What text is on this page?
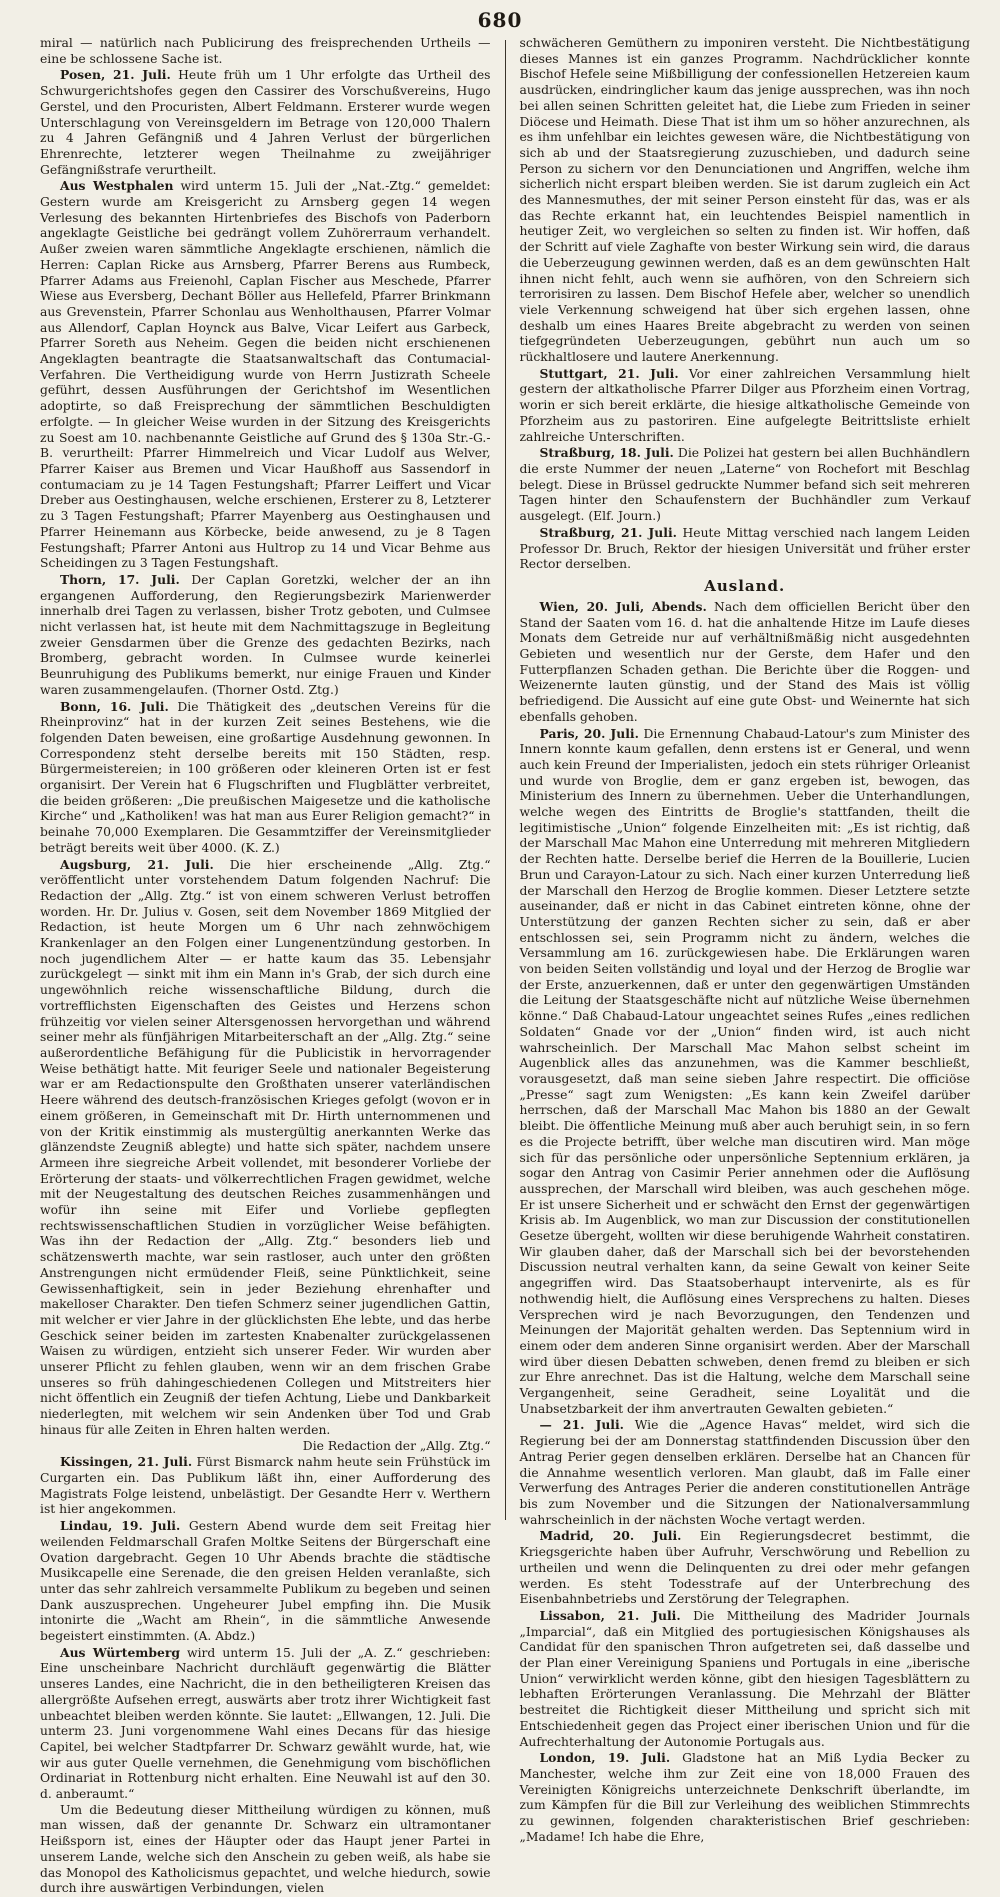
680

miral — natürlich nach Publicirung des freisprechenden Urtheils — eine be schlossene Sache ist.

Posen, 21. Juli. Heute früh um 1 Uhr erfolgte das Urtheil des Schwurgerichtshofes gegen den Cassirer des Vorschußvereins, Hugo Gerstel, und den Procuristen, Albert Feldmann. Ersterer wurde wegen Unterschlagung von Vereinsgeldern im Betrage von 120,000 Thalern zu 4 Jahren Gefängniß und 4 Jahren Verlust der bürgerlichen Ehrenrechte, letzterer wegen Theilnahme zu zweijähriger Gefängnißstrafe verurtheilt.

Aus Westphalen wird unterm 15. Juli der „Nat.-Ztg.“ gemeldet: Gestern wurde am Kreisgericht zu Arnsberg gegen 14 wegen Verlesung des bekannten Hirtenbriefes des Bischofs von Paderborn angeklagte Geistliche bei gedrängt vollem Zuhörerraum verhandelt. Außer zweien waren sämmtliche Angeklagte erschienen, nämlich die Herren: Caplan Ricke aus Arnsberg, Pfarrer Berens aus Rumbeck, Pfarrer Adams aus Freienohl, Caplan Fischer aus Meschede, Pfarrer Wiese aus Eversberg, Dechant Böller aus Hellefeld, Pfarrer Brinkmann aus Grevenstein, Pfarrer Schonlau aus Wenholthausen, Pfarrer Volmar aus Allendorf, Caplan Hoynck aus Balve, Vicar Leifert aus Garbeck, Pfarrer Soreth aus Neheim. Gegen die beiden nicht erschienenen Angeklagten beantragte die Staatsanwaltschaft das Contumacial-Verfahren. Die Vertheidigung wurde von Herrn Justizrath Scheele geführt, dessen Ausführungen der Gerichtshof im Wesentlichen adoptirte, so daß Freisprechung der sämmtlichen Beschuldigten erfolgte. — In gleicher Weise wurden in der Sitzung des Kreisgerichts zu Soest am 10. nachbenannte Geistliche auf Grund des § 130a Str.-G.-B. verurtheilt: Pfarrer Himmelreich und Vicar Ludolf aus Welver, Pfarrer Kaiser aus Bremen und Vicar Haußhoff aus Sassendorf in contumaciam zu je 14 Tagen Festungshaft; Pfarrer Leiffert und Vicar Dreber aus Oestinghausen, welche erschienen, Ersterer zu 8, Letzterer zu 3 Tagen Festungshaft; Pfarrer Mayenberg aus Oestinghausen und Pfarrer Heinemann aus Körbecke, beide anwesend, zu je 8 Tagen Festungshaft; Pfarrer Antoni aus Hultrop zu 14 und Vicar Behme aus Scheidingen zu 3 Tagen Festungshaft.

Thorn, 17. Juli. Der Caplan Goretzki, welcher der an ihn ergangenen Aufforderung, den Regierungsbezirk Marienwerder innerhalb drei Tagen zu verlassen, bisher Trotz geboten, und Culmsee nicht verlassen hat, ist heute mit dem Nachmittagszuge in Begleitung zweier Gensdarmen über die Grenze des gedachten Bezirks, nach Bromberg, gebracht worden. In Culmsee wurde keinerlei Beunruhigung des Publikums bemerkt, nur einige Frauen und Kinder waren zusammengelaufen. (Thorner Ostd. Ztg.)

Bonn, 16. Juli. Die Thätigkeit des „deutschen Vereins für die Rheinprovinz“ hat in der kurzen Zeit seines Bestehens, wie die folgenden Daten beweisen, eine großartige Ausdehnung gewonnen. In Correspondenz steht derselbe bereits mit 150 Städten, resp. Bürgermeistereien; in 100 größeren oder kleineren Orten ist er fest organisirt. Der Verein hat 6 Flugschriften und Flugblätter verbreitet, die beiden größeren: „Die preußischen Maigesetze und die katholische Kirche“ und „Katholiken! was hat man aus Eurer Religion gemacht?“ in beinahe 70,000 Exemplaren. Die Gesammtziffer der Vereinsmitglieder beträgt bereits weit über 4000. (K. Z.)

Augsburg, 21. Juli. Die hier erscheinende „Allg. Ztg.“ veröffentlicht unter vorstehendem Datum folgenden Nachruf: Die Redaction der „Allg. Ztg.“ ist von einem schweren Verlust betroffen worden. Hr. Dr. Julius v. Gosen, seit dem November 1869 Mitglied der Redaction, ist heute Morgen um 6 Uhr nach zehnwöchigem Krankenlager an den Folgen einer Lungenentzündung gestorben. In noch jugendlichem Alter — er hatte kaum das 35. Lebensjahr zurückgelegt — sinkt mit ihm ein Mann in's Grab, der sich durch eine ungewöhnlich reiche wissenschaftliche Bildung, durch die vortrefflichsten Eigenschaften des Geistes und Herzens schon frühzeitig vor vielen seiner Altersgenossen hervorgethan und während seiner mehr als fünfjährigen Mitarbeiterschaft an der „Allg. Ztg.“ seine außerordentliche Befähigung für die Publicistik in hervorragender Weise bethätigt hatte. Mit feuriger Seele und nationaler Begeisterung war er am Redactionspulte den Großthaten unserer vaterländischen Heere während des deutsch-französischen Krieges gefolgt (wovon er in einem größeren, in Gemeinschaft mit Dr. Hirth unternommenen und von der Kritik einstimmig als mustergültig anerkannten Werke das glänzendste Zeugniß ablegte) und hatte sich später, nachdem unsere Armeen ihre siegreiche Arbeit vollendet, mit besonderer Vorliebe der Erörterung der staats- und völkerrechtlichen Fragen gewidmet, welche mit der Neugestaltung des deutschen Reiches zusammenhängen und wofür ihn seine mit Eifer und Vorliebe gepflegten rechtswissenschaftlichen Studien in vorzüglicher Weise befähigten. Was ihn der Redaction der „Allg. Ztg.“ besonders lieb und schätzenswerth machte, war sein rastloser, auch unter den größten Anstrengungen nicht ermüdender Fleiß, seine Pünktlichkeit, seine Gewissenhaftigkeit, sein in jeder Beziehung ehrenhafter und makelloser Charakter. Den tiefen Schmerz seiner jugendlichen Gattin, mit welcher er vier Jahre in der glücklichsten Ehe lebte, und das herbe Geschick seiner beiden im zartesten Knabenalter zurückgelassenen Waisen zu würdigen, entzieht sich unserer Feder. Wir wurden aber unserer Pflicht zu fehlen glauben, wenn wir an dem frischen Grabe unseres so früh dahingeschiedenen Collegen und Mitstreiters hier nicht öffentlich ein Zeugniß der tiefen Achtung, Liebe und Dankbarkeit niederlegten, mit welchem wir sein Andenken über Tod und Grab hinaus für alle Zeiten in Ehren halten werden.

Die Redaction der „Allg. Ztg.“

Kissingen, 21. Juli. Fürst Bismarck nahm heute sein Frühstück im Curgarten ein. Das Publikum läßt ihn, einer Aufforderung des Magistrats Folge leistend, unbelästigt. Der Gesandte Herr v. Werthern ist hier angekommen.

Lindau, 19. Juli. Gestern Abend wurde dem seit Freitag hier weilenden Feldmarschall Grafen Moltke Seitens der Bürgerschaft eine Ovation dargebracht. Gegen 10 Uhr Abends brachte die städtische Musikcapelle eine Serenade, die den greisen Helden veranlaßte, sich unter das sehr zahlreich versammelte Publikum zu begeben und seinen Dank auszusprechen. Ungeheurer Jubel empfing ihn. Die Musik intonirte die „Wacht am Rhein“, in die sämmtliche Anwesende begeistert einstimmten. (A. Abdz.)

Aus Würtemberg wird unterm 15. Juli der „A. Z.“ geschrieben: Eine unscheinbare Nachricht durchläuft gegenwärtig die Blätter unseres Landes, eine Nachricht, die in den betheiligteren Kreisen das allergrößte Aufsehen erregt, auswärts aber trotz ihrer Wichtigkeit fast unbeachtet bleiben werden könnte. Sie lautet: „Ellwangen, 12. Juli. Die unterm 23. Juni vorgenommene Wahl eines Decans für das hiesige Capitel, bei welcher Stadtpfarrer Dr. Schwarz gewählt wurde, hat, wie wir aus guter Quelle vernehmen, die Genehmigung vom bischöflichen Ordinariat in Rottenburg nicht erhalten. Eine Neuwahl ist auf den 30. d. anberaumt.“

Um die Bedeutung dieser Mittheilung würdigen zu können, muß man wissen, daß der genannte Dr. Schwarz ein ultramontaner Heißsporn ist, eines der Häupter oder das Haupt jener Partei in unserem Lande, welche sich den Anschein zu geben weiß, als habe sie das Monopol des Katholicismus gepachtet, und welche hiedurch, sowie durch ihre auswärtigen Verbindungen, vielen

schwächeren Gemüthern zu imponiren versteht. Die Nichtbestätigung dieses Mannes ist ein ganzes Programm. Nachdrücklicher konnte Bischof Hefele seine Mißbilligung der confessionellen Hetzereien kaum ausdrücken, eindringlicher kaum das jenige aussprechen, was ihn noch bei allen seinen Schritten geleitet hat, die Liebe zum Frieden in seiner Diöcese und Heimath. Diese That ist ihm um so höher anzurechnen, als es ihm unfehlbar ein leichtes gewesen wäre, die Nichtbestätigung von sich ab und der Staatsregierung zuzuschieben, und dadurch seine Person zu sichern vor den Denunciationen und Angriffen, welche ihm sicherlich nicht erspart bleiben werden. Sie ist darum zugleich ein Act des Mannesmuthes, der mit seiner Person einsteht für das, was er als das Rechte erkannt hat, ein leuchtendes Beispiel namentlich in heutiger Zeit, wo vergleichen so selten zu finden ist. Wir hoffen, daß der Schritt auf viele Zaghafte von bester Wirkung sein wird, die daraus die Ueberzeugung gewinnen werden, daß es an dem gewünschten Halt ihnen nicht fehlt, auch wenn sie aufhören, von den Schreiern sich terrorisiren zu lassen. Dem Bischof Hefele aber, welcher so unendlich viele Verkennung schweigend hat über sich ergehen lassen, ohne deshalb um eines Haares Breite abgebracht zu werden von seinen tiefgegründeten Ueberzeugungen, gebührt nun auch um so rückhaltlosere und lautere Anerkennung.

Stuttgart, 21. Juli. Vor einer zahlreichen Versammlung hielt gestern der altkatholische Pfarrer Dilger aus Pforzheim einen Vortrag, worin er sich bereit erklärte, die hiesige altkatholische Gemeinde von Pforzheim aus zu pastoriren. Eine aufgelegte Beitrittsliste erhielt zahlreiche Unterschriften.

Straßburg, 18. Juli. Die Polizei hat gestern bei allen Buchhändlern die erste Nummer der neuen „Laterne“ von Rochefort mit Beschlag belegt. Diese in Brüssel gedruckte Nummer befand sich seit mehreren Tagen hinter den Schaufenstern der Buchhändler zum Verkauf ausgelegt. (Elf. Journ.)

Straßburg, 21. Juli. Heute Mittag verschied nach langem Leiden Professor Dr. Bruch, Rektor der hiesigen Universität und früher erster Rector derselben.

Ausland.

Wien, 20. Juli, Abends. Nach dem officiellen Bericht über den Stand der Saaten vom 16. d. hat die anhaltende Hitze im Laufe dieses Monats dem Getreide nur auf verhältnißmäßig nicht ausgedehnten Gebieten und wesentlich nur der Gerste, dem Hafer und den Futterpflanzen Schaden gethan. Die Berichte über die Roggen- und Weizenernte lauten günstig, und der Stand des Mais ist völlig befriedigend. Die Aussicht auf eine gute Obst- und Weinernte hat sich ebenfalls gehoben.

Paris, 20. Juli. Die Ernennung Chabaud-Latour's zum Minister des Innern konnte kaum gefallen, denn erstens ist er General, und wenn auch kein Freund der Imperialisten, jedoch ein stets rühriger Orleanist und wurde von Broglie, dem er ganz ergeben ist, bewogen, das Ministerium des Innern zu übernehmen. Ueber die Unterhandlungen, welche wegen des Eintritts de Broglie's stattfanden, theilt die legitimistische „Union“ folgende Einzelheiten mit: „Es ist richtig, daß der Marschall Mac Mahon eine Unterredung mit mehreren Mitgliedern der Rechten hatte. Derselbe berief die Herren de la Bouillerie, Lucien Brun und Carayon-Latour zu sich. Nach einer kurzen Unterredung ließ der Marschall den Herzog de Broglie kommen. Dieser Letztere setzte auseinander, daß er nicht in das Cabinet eintreten könne, ohne der Unterstützung der ganzen Rechten sicher zu sein, daß er aber entschlossen sei, sein Programm nicht zu ändern, welches die Versammlung am 16. zurückgewiesen habe. Die Erklärungen waren von beiden Seiten vollständig und loyal und der Herzog de Broglie war der Erste, anzuerkennen, daß er unter den gegenwärtigen Umständen die Leitung der Staatsgeschäfte nicht auf nützliche Weise übernehmen könne.“ Daß Chabaud-Latour ungeachtet seines Rufes „eines redlichen Soldaten“ Gnade vor der „Union“ finden wird, ist auch nicht wahrscheinlich. Der Marschall Mac Mahon selbst scheint im Augenblick alles das anzunehmen, was die Kammer beschließt, vorausgesetzt, daß man seine sieben Jahre respectirt. Die officiöse „Presse“ sagt zum Wenigsten: „Es kann kein Zweifel darüber herrschen, daß der Marschall Mac Mahon bis 1880 an der Gewalt bleibt. Die öffentliche Meinung muß aber auch beruhigt sein, in so fern es die Projecte betrifft, über welche man discutiren wird. Man möge sich für das persönliche oder unpersönliche Septennium erklären, ja sogar den Antrag von Casimir Perier annehmen oder die Auflösung aussprechen, der Marschall wird bleiben, was auch geschehen möge. Er ist unsere Sicherheit und er schwächt den Ernst der gegenwärtigen Krisis ab. Im Augenblick, wo man zur Discussion der constitutionellen Gesetze übergeht, wollten wir diese beruhigende Wahrheit constatiren. Wir glauben daher, daß der Marschall sich bei der bevorstehenden Discussion neutral verhalten kann, da seine Gewalt von keiner Seite angegriffen wird. Das Staatsoberhaupt intervenirte, als es für nothwendig hielt, die Auflösung eines Versprechens zu halten. Dieses Versprechen wird je nach Bevorzugungen, den Tendenzen und Meinungen der Majorität gehalten werden. Das Septennium wird in einem oder dem anderen Sinne organisirt werden. Aber der Marschall wird über diesen Debatten schweben, denen fremd zu bleiben er sich zur Ehre anrechnet. Das ist die Haltung, welche dem Marschall seine Vergangenheit, seine Geradheit, seine Loyalität und die Unabsetzbarkeit der ihm anvertrauten Gewalten gebieten.“

— 21. Juli. Wie die „Agence Havas“ meldet, wird sich die Regierung bei der am Donnerstag stattfindenden Discussion über den Antrag Perier gegen denselben erklären. Derselbe hat an Chancen für die Annahme wesentlich verloren. Man glaubt, daß im Falle einer Verwerfung des Antrages Perier die anderen constitutionellen Anträge bis zum November und die Sitzungen der Nationalversammlung wahrscheinlich in der nächsten Woche vertagt werden.

Madrid, 20. Juli. Ein Regierungsdecret bestimmt, die Kriegsgerichte haben über Aufruhr, Verschwörung und Rebellion zu urtheilen und wenn die Delinquenten zu drei oder mehr gefangen werden. Es steht Todesstrafe auf der Unterbrechung des Eisenbahnbetriebs und Zerstörung der Telegraphen.

Lissabon, 21. Juli. Die Mittheilung des Madrider Journals „Imparcial“, daß ein Mitglied des portugiesischen Königshauses als Candidat für den spanischen Thron aufgetreten sei, daß dasselbe und der Plan einer Vereinigung Spaniens und Portugals in eine „iberische Union“ verwirklicht werden könne, gibt den hiesigen Tagesblättern zu lebhaften Erörterungen Veranlassung. Die Mehrzahl der Blätter bestreitet die Richtigkeit dieser Mittheilung und spricht sich mit Entschiedenheit gegen das Project einer iberischen Union und für die Aufrechterhaltung der Autonomie Portugals aus.

London, 19. Juli. Gladstone hat an Miß Lydia Becker zu Manchester, welche ihm zur Zeit eine von 18,000 Frauen des Vereinigten Königreichs unterzeichnete Denkschrift überlandte, im zum Kämpfen für die Bill zur Verleihung des weiblichen Stimmrechts zu gewinnen, folgenden charakteristischen Brief geschrieben: „Madame! Ich habe die Ehre,
